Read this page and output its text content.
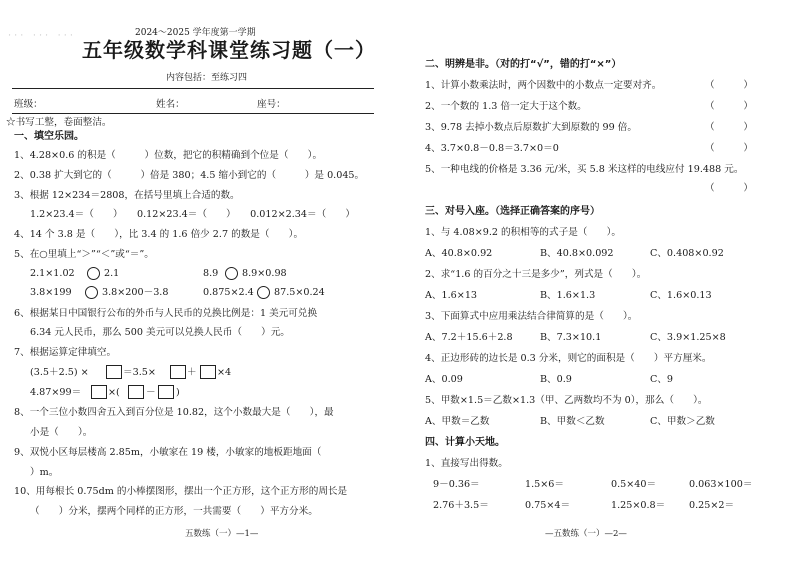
· · ·　· · ·　· · ·	2024～2025 学年度第一学期
五年级数学科课堂练习题（一）
内容包括：至练习四
班级：	姓名：	座号：
☆书写工整，卷面整洁。
一、填空乐园。
1、4.28×0.6 的积是（　　　）位数，把它的积精确到个位是（　　）。
2、0.38 扩大到它的（　　　）倍是 380；4.5 缩小到它的（　　　）是 0.045。
3、根据 12×234＝2808，在括号里填上合适的数。
1.2×23.4＝（　　）　　0.12×23.4＝（　　）　　0.012×2.34＝（　　）
4、14 个 3.8 是（　　），比 3.4 的 1.6 倍少 2.7 的数是（　　）。
5、在○里填上“＞”“＜”或“＝”。
2.1×1.02	2.1	8.9 8.9×0.98
3.8×199	3.8×200－3.8	0.875×2.4 87.5×0.24
6、根据某日中国银行公布的外币与人民币的兑换比例是：1 美元可兑换
6.34 元人民币，那么 500 美元可以兑换人民币（　　）元。
7、根据运算定律填空。
(3.5＋2.5) ×	＝3.5×	＋ ×4
4.87×99＝	×(	－ )
8、一个三位小数四舍五入到百分位是 10.82，这个小数最大是（　　），最
小是（　　）。
9、双悦小区每层楼高 2.85m，小敏家在 19 楼，小敏家的地板距地面（　　
）m。
10、用每根长 0.75dm 的小棒摆图形，摆出一个正方形，这个正方形的周长是
（　　）分米，摆两个同样的正方形，一共需要（　　）平方分米。
五数练（一）—1—
二、明辨是非。（对的打“√”，错的打“×”）
1、计算小数乘法时，两个因数中的小数点一定要对齐。	（　　　）
2、一个数的 1.3 倍一定大于这个数。	（　　　）
3、9.78 去掉小数点后原数扩大到原数的 99 倍。	（　　　）
4、3.7×0.8－0.8＝3.7×0＝0	（　　　）
5、一种电线的价格是 3.36 元/米，买 5.8 米这样的电线应付 19.488 元。
（　　　）
三、对号入座。（选择正确答案的序号）
1、与 4.08×9.2 的积相等的式子是（　　）。
A、40.8×0.92	B、40.8×0.092	C、0.408×0.92
2、求“1.6 的百分之十三是多少”，列式是（　　）。
A、1.6×13	B、1.6×1.3	C、1.6×0.13
3、下面算式中应用乘法结合律简算的是（　　）。
A、7.2＋15.6＋2.8	B、7.3×10.1	C、3.9×1.25×8
4、正边形砖的边长是 0.3 分米，则它的面积是（　　）平方厘米。
A、0.09	B、0.9	C、9
5、甲数×1.5＝乙数×1.3（甲、乙两数均不为 0），那么（　　）。
A、甲数＝乙数	B、甲数＜乙数	C、甲数＞乙数
四、计算小天地。
1、直接写出得数。
9－0.36＝	1.5×6＝	0.5×40＝	0.063×100＝
2.76＋3.5＝	0.75×4＝	1.25×0.8＝ 0.25×2＝
—五数练（一）—2—
